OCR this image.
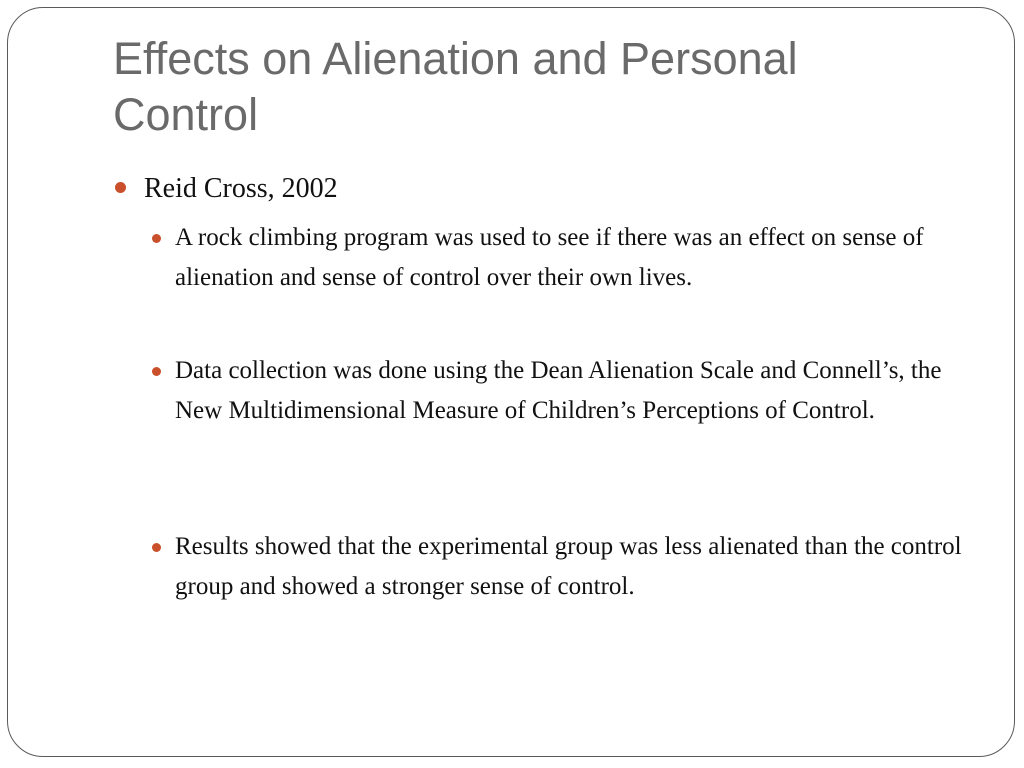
Effects on Alienation and Personal Control
Reid Cross, 2002
A rock climbing program was used to see if there was an effect on sense of alienation and sense of control over their own lives.
Data collection was done using the Dean Alienation Scale and Connell’s, the New Multidimensional Measure of Children’s Perceptions of Control.
Results showed that the experimental group was less alienated than the control group and showed a stronger sense of control.
